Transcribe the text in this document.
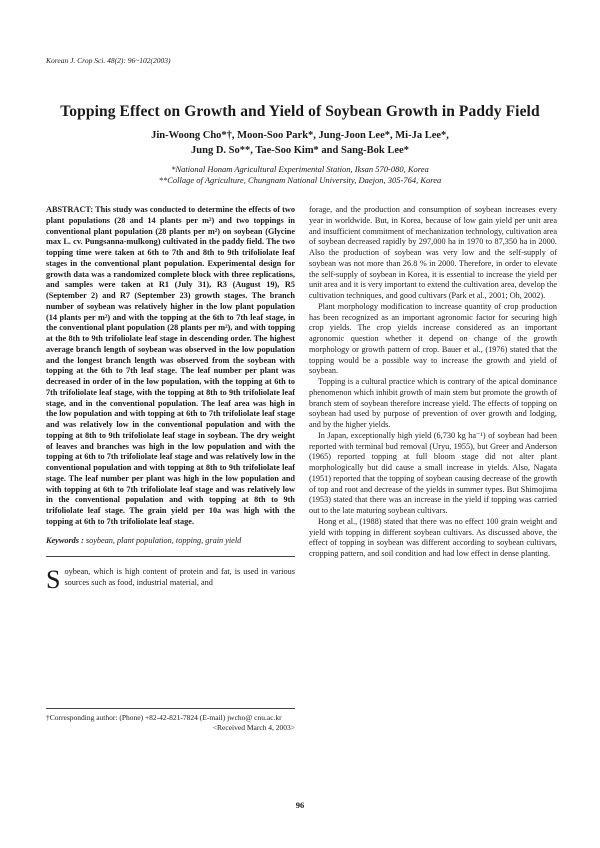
Korean J. Crop Sci. 48(2): 96~102(2003)
Topping Effect on Growth and Yield of Soybean Growth in Paddy Field
Jin-Woong Cho*†, Moon-Soo Park*, Jung-Joon Lee*, Mi-Ja Lee*,
Jung D. So**, Tae-Soo Kim* and Sang-Bok Lee*
*National Honam Agricultural Experimental Station, Iksan 570-080, Korea
**Collage of Agriculture, Chungnam National University, Daejon, 305-764, Korea

ABSTRACT: This study was conducted to determine the effects of two plant populations (28 and 14 plants per m²) and two toppings in conventional plant population (28 plants per m²) on soybean (Glycine max L. cv. Pungsanna-mulkong) cultivated in the paddy field. The two topping time were taken at 6th to 7th and 8th to 9th trifoliolate leaf stages in the conventional plant population. Experimental design for growth data was a randomized complete block with three replications, and samples were taken at R1 (July 31), R3 (August 19), R5 (September 2) and R7 (September 23) growth stages. The branch number of soybean was relatively higher in the low plant population (14 plants per m²) and with the topping at the 6th to 7th leaf stage, in the conventional plant population (28 plants per m²), and with topping at the 8th to 9th trifoliolate leaf stage in descending order. The highest average branch length of soybean was observed in the low population and the longest branch length was observed from the soybean with topping at the 6th to 7th leaf stage. The leaf number per plant was decreased in order of in the low population, with the topping at 6th to 7th trifoliolate leaf stage, with the topping at 8th to 9th trifoliolate leaf stage, and in the conventional population. The leaf area was high in the low population and with topping at 6th to 7th trifoliolate leaf stage and was relatively low in the conventional population and with the topping at 8th to 9th trifoliolate leaf stage in soybean. The dry weight of leaves and branches was high in the low population and with the topping at 6th to 7th trifoliolate leaf stage and was relatively low in the conventional population and with topping at 8th to 9th trifoliolate leaf stage. The leaf number per plant was high in the low population and with topping at 6th to 7th trifoliolate leaf stage and was relatively low in the conventional population and with topping at 8th to 9th trifoliolate leaf stage. The grain yield per 10a was high with the topping at 6th to 7th trifoliolate leaf stage.

Keywords : soybean, plant population, topping, grain yield

Soybean, which is high content of protein and fat, is used in various sources such as food, industrial material, and

†Corresponding author: (Phone) +82-42-821-7824 (E-mail) jwcho@ cnu.ac.kr
<Received March 4, 2003>

forage, and the production and consumption of soybean increases every year in worldwide. But, in Korea, because of low gain yield per unit area and insufficient commitment of mechanization technology, cultivation area of soybean decreased rapidly by 297,000 ha in 1970 to 87,350 ha in 2000. Also the production of soybean was very low and the self-supply of soybean was not more than 26.8 % in 2000. Therefore, in order to elevate the self-supply of soybean in Korea, it is essential to increase the yield per unit area and it is very important to extend the cultivation area, develop the cultivation techniques, and good cultivars (Park et al., 2001; Oh, 2002).

Plant morphology modification to increase quantity of crop production has been recognized as an important agronomic factor for securing high crop yields. The crop yields increase considered as an important agronomic question whether it depend on change of the growth morphology or growth pattern of crop. Bauer et al., (1976) stated that the topping would be a possible way to increase the growth and yield of soybean.

Topping is a cultural practice which is contrary of the apical dominance phenomenon which inhibit growth of main stem but promote the growth of branch stem of soybean therefore increase yield. The effects of topping on soybean had used by purpose of prevention of over growth and lodging, and by the higher yields.

In Japan, exceptionally high yield (6,730 kg ha⁻¹) of soybean had been reported with terminal bud removal (Uryu, 1955), but Greer and Anderson (1965) reported topping at full bloom stage did not alter plant morphologically but did cause a small increase in yields. Also, Nagata (1951) reported that the topping of soybean causing decrease of the growth of top and root and decrease of the yields in summer types. But Shimojima (1953) stated that there was an increase in the yield if topping was carried out to the late maturing soybean cultivars.

Hong et al., (1988) stated that there was no effect 100 grain weight and yield with topping in different soybean cultivars. As discussed above, the effect of topping in soybean was different according to soybean cultivars, cropping pattern, and soil condition and had low effect in dense planting.

96
